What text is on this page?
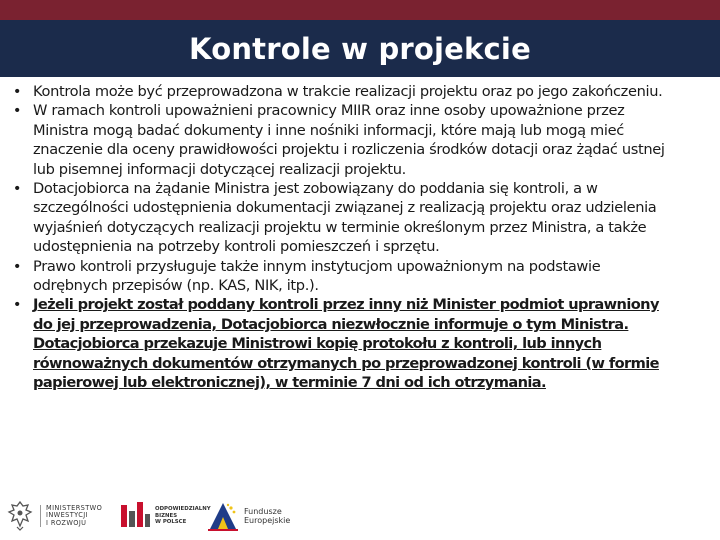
Kontrole w projekcie
• Kontrola może być przeprowadzona w trakcie realizacji projektu oraz po jego zakończeniu.
• W ramach kontroli upoważnieni pracownicy MIIR oraz inne osoby upoważnione przez Ministra mogą badać dokumenty i inne nośniki informacji, które mają lub mogą mieć znaczenie dla oceny prawidłowości projektu i rozliczenia środków dotacji oraz żądać ustnej lub pisemnej informacji dotyczącej realizacji projektu.
• Dotacjobiorca na żądanie Ministra jest zobowiązany do poddania się kontroli, a w szczególności udostępnienia dokumentacji związanej z realizacją projektu oraz udzielenia wyjaśnień dotyczących realizacji projektu w terminie określonym przez Ministra, a także udostępnienia na potrzeby kontroli pomieszczeń i sprzętu.
• Prawo kontroli przysługuje także innym instytucjom upoważnionym na podstawie odrębnych przepisów (np. KAS, NIK, itp.).
• Jeżeli projekt został poddany kontroli przez inny niż Minister podmiot uprawniony do jej przeprowadzenia, Dotacjobiorca niezwłocznie informuje o tym Ministra. Dotacjobiorca przekazuje Ministrowi kopię protokołu z kontroli, lub innych równoważnych dokumentów otrzymanych po przeprowadzonej kontroli (w formie papierowej lub elektronicznej), w terminie 7 dni od ich otrzymania.
MINISTERSTWO
INWESTYCJI
I ROZWOJU
ODPOWIEDZIALNY
BIZNES
W POLSCE
Fundusze
Europejskie
